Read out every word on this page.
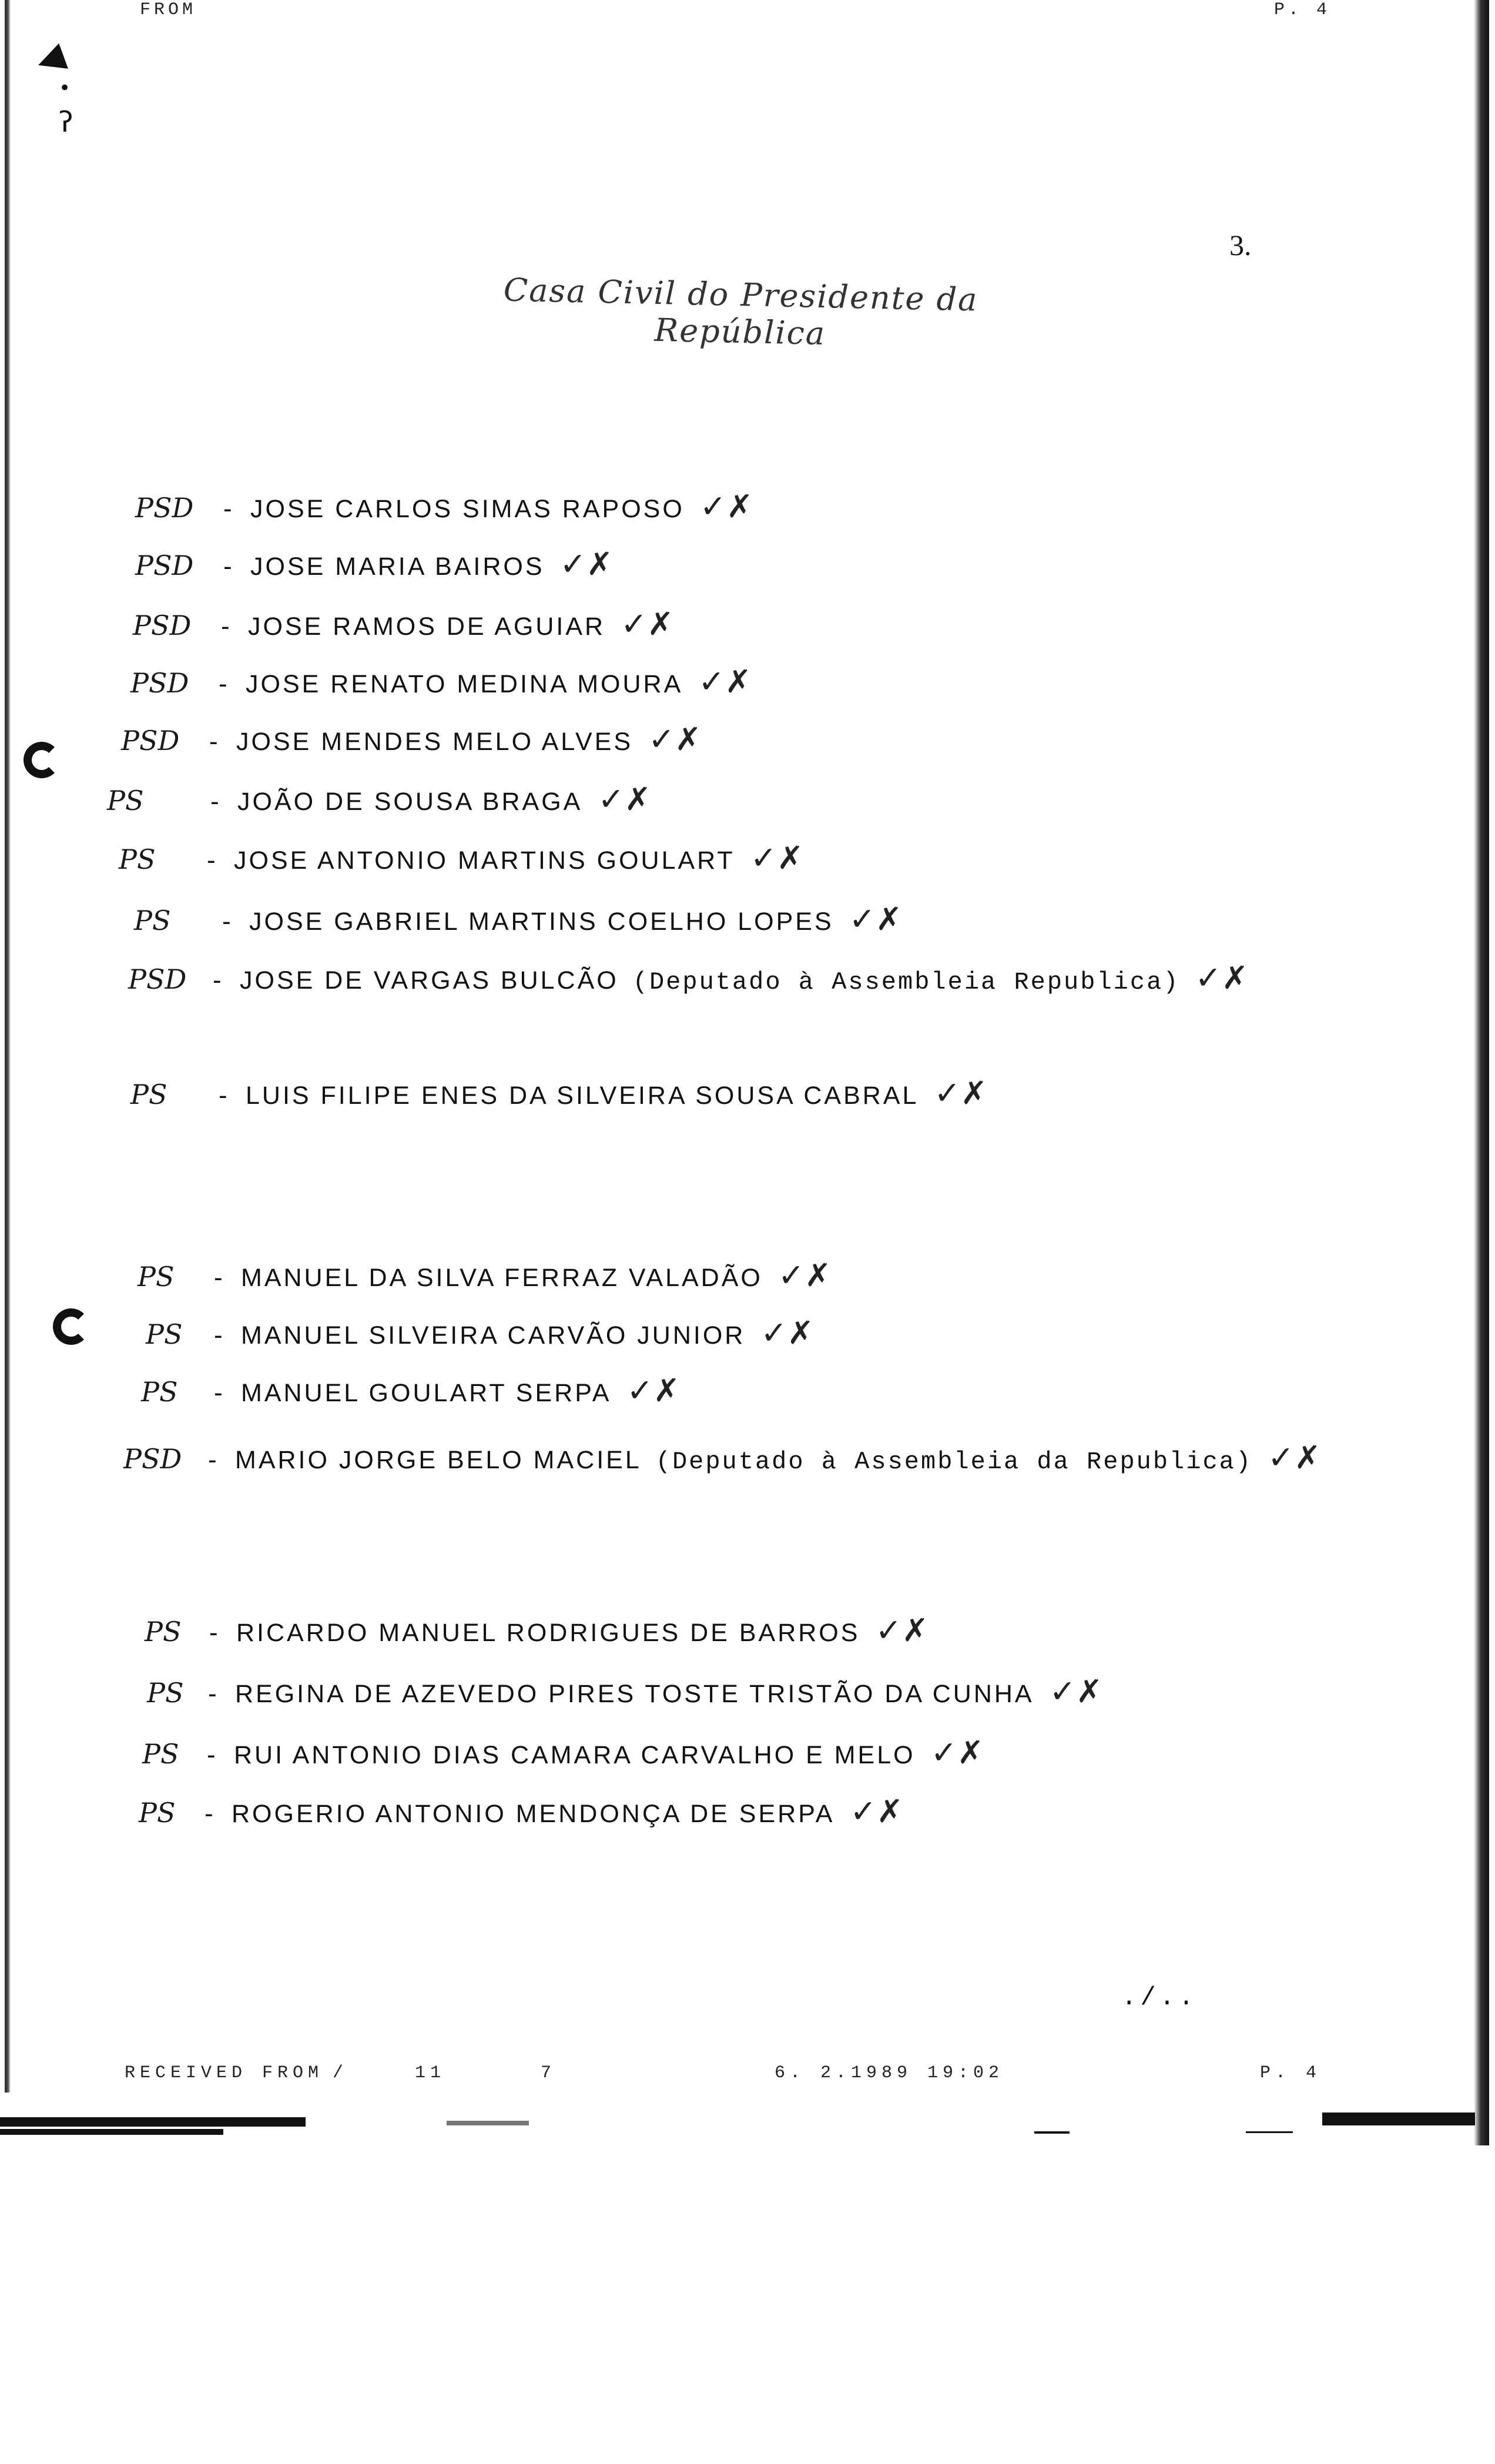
FROM	P. 4
◀
•
ʔ
3.
Casa Civil do Presidente da República
PSD - JOSE CARLOS SIMAS RAPOSO ✓✗
PSD - JOSE MARIA BAIROS ✓✗
PSD - JOSE RAMOS DE AGUIAR ✓✗
PSD - JOSE RENATO MEDINA MOURA ✓✗
PSD - JOSE MENDES MELO ALVES ✓✗
PS	- JOÃO DE SOUSA BRAGA ✓✗
PS - JOSE ANTONIO MARTINS GOULART ✓✗
PS - JOSE GABRIEL MARTINS COELHO LOPES ✓✗
PSD - JOSE DE VARGAS BULCÃO (Deputado à Assembleia Republica) ✓✗
PS - LUIS FILIPE ENES DA SILVEIRA SOUSA CABRAL ✓✗
PS - MANUEL DA SILVA FERRAZ VALADÃO ✓✗
PS - MANUEL SILVEIRA CARVÃO JUNIOR ✓✗
PS - MANUEL GOULART SERPA ✓✗
PSD - MARIO JORGE BELO MACIEL (Deputado à Assembleia da Republica) ✓✗
PS - RICARDO MANUEL RODRIGUES DE BARROS ✓✗
PS - REGINA DE AZEVEDO PIRES TOSTE TRISTÃO DA CUNHA ✓✗
PS - RUI ANTONIO DIAS CAMARA CARVALHO E MELO ✓✗
PS - ROGERIO ANTONIO MENDONÇA DE SERPA ✓✗
./..
RECEIVED FROM /	11	7	6. 2.1989 19:02	P. 4
